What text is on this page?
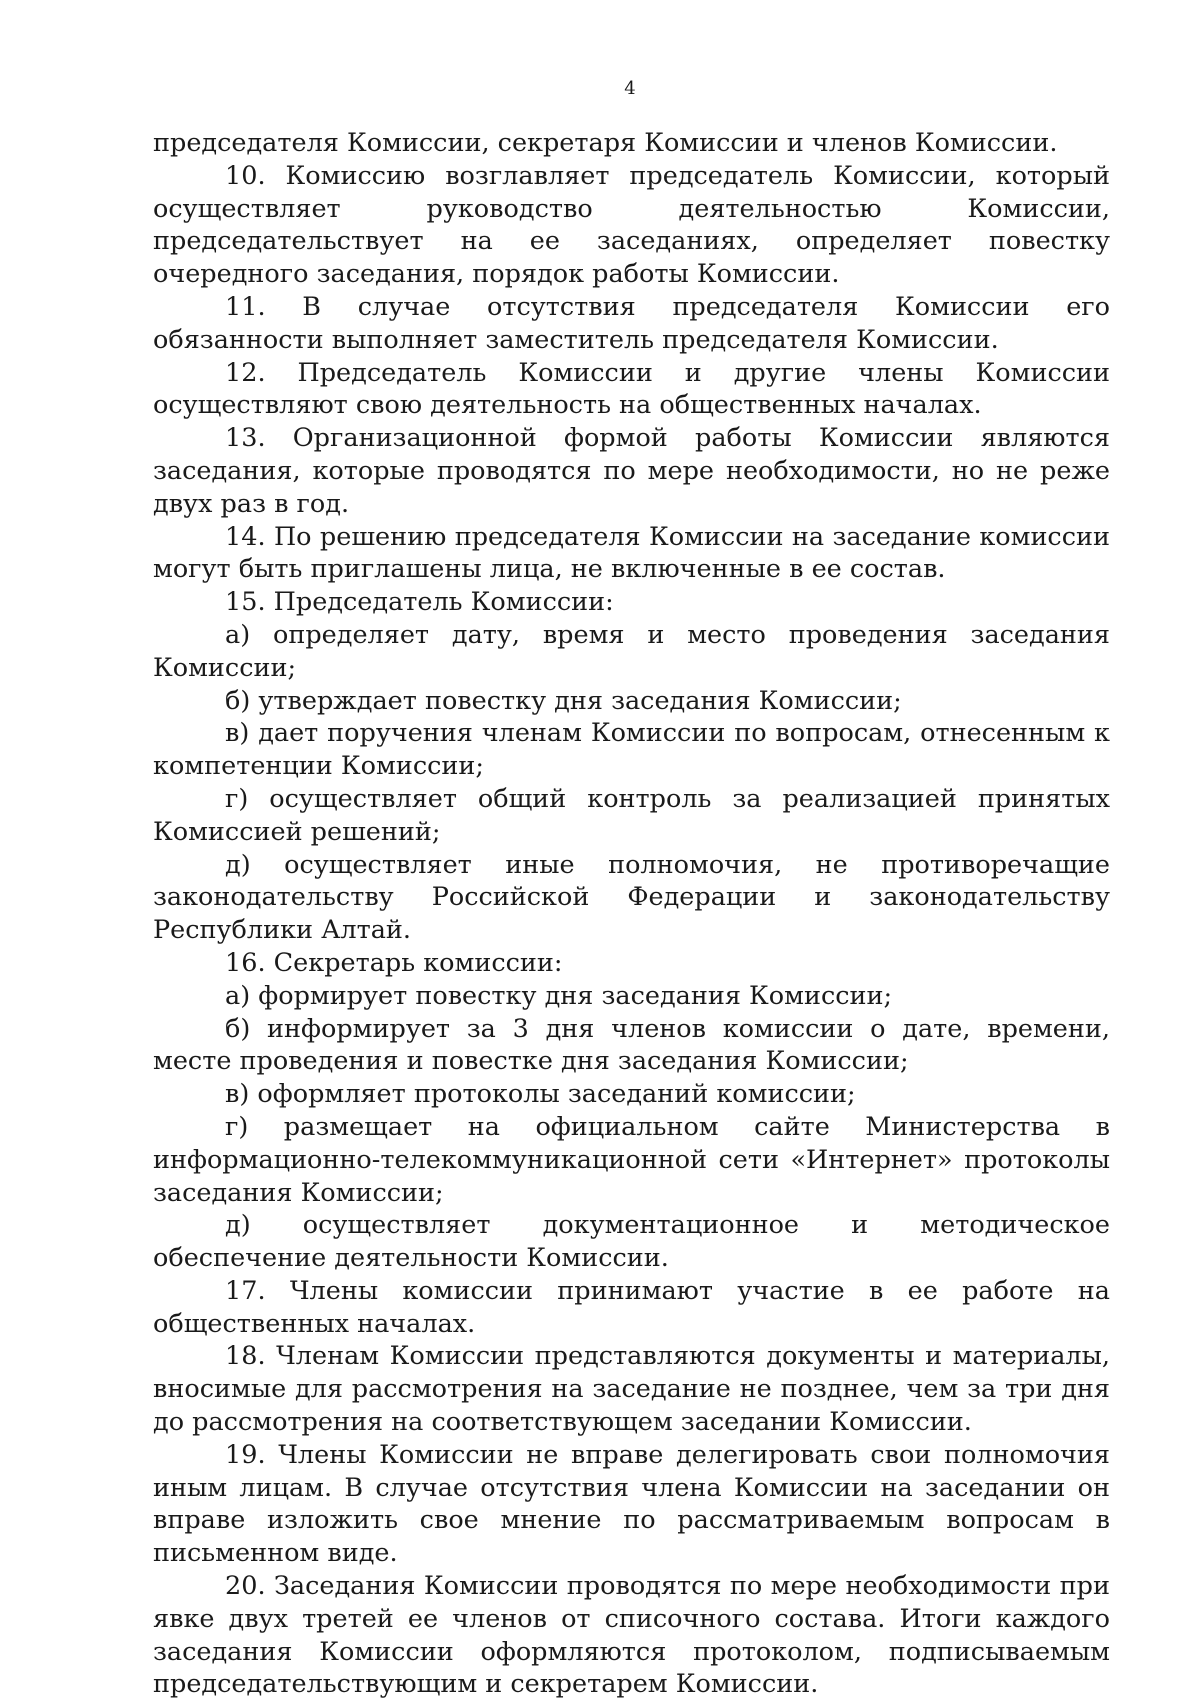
4

председателя Комиссии, секретаря Комиссии и членов Комиссии.

10. Комиссию возглавляет председатель Комиссии, который осуществляет руководство деятельностью Комиссии, председательствует на ее заседаниях, определяет повестку очередного заседания, порядок работы Комиссии.

11. В случае отсутствия председателя Комиссии его обязанности выполняет заместитель председателя Комиссии.

12. Председатель Комиссии и другие члены Комиссии осуществляют свою деятельность на общественных началах.

13. Организационной формой работы Комиссии являются заседания, которые проводятся по мере необходимости, но не реже двух раз в год.

14. По решению председателя Комиссии на заседание комиссии могут быть приглашены лица, не включенные в ее состав.

15. Председатель Комиссии:

а) определяет дату, время и место проведения заседания Комиссии;

б) утверждает повестку дня заседания Комиссии;

в) дает поручения членам Комиссии по вопросам, отнесенным к компетенции Комиссии;

г) осуществляет общий контроль за реализацией принятых Комиссией решений;

д) осуществляет иные полномочия, не противоречащие законодательству Российской Федерации и законодательству Республики Алтай.

16. Секретарь комиссии:

а) формирует повестку дня заседания Комиссии;

б) информирует за 3 дня членов комиссии о дате, времени, месте проведения и повестке дня заседания Комиссии;

в) оформляет протоколы заседаний комиссии;

г) размещает на официальном сайте Министерства в информационно-телекоммуникационной сети «Интернет» протоколы заседания Комиссии;

д) осуществляет документационное и методическое обеспечение деятельности Комиссии.

17. Члены комиссии принимают участие в ее работе на общественных началах.

18. Членам Комиссии представляются документы и материалы, вносимые для рассмотрения на заседание не позднее, чем за три дня до рассмотрения на соответствующем заседании Комиссии.

19. Члены Комиссии не вправе делегировать свои полномочия иным лицам. В случае отсутствия члена Комиссии на заседании он вправе изложить свое мнение по рассматриваемым вопросам в письменном виде.

20. Заседания Комиссии проводятся по мере необходимости при явке двух третей ее членов от списочного состава. Итоги каждого заседания Комиссии оформляются протоколом, подписываемым председательствующим и секретарем Комиссии.
